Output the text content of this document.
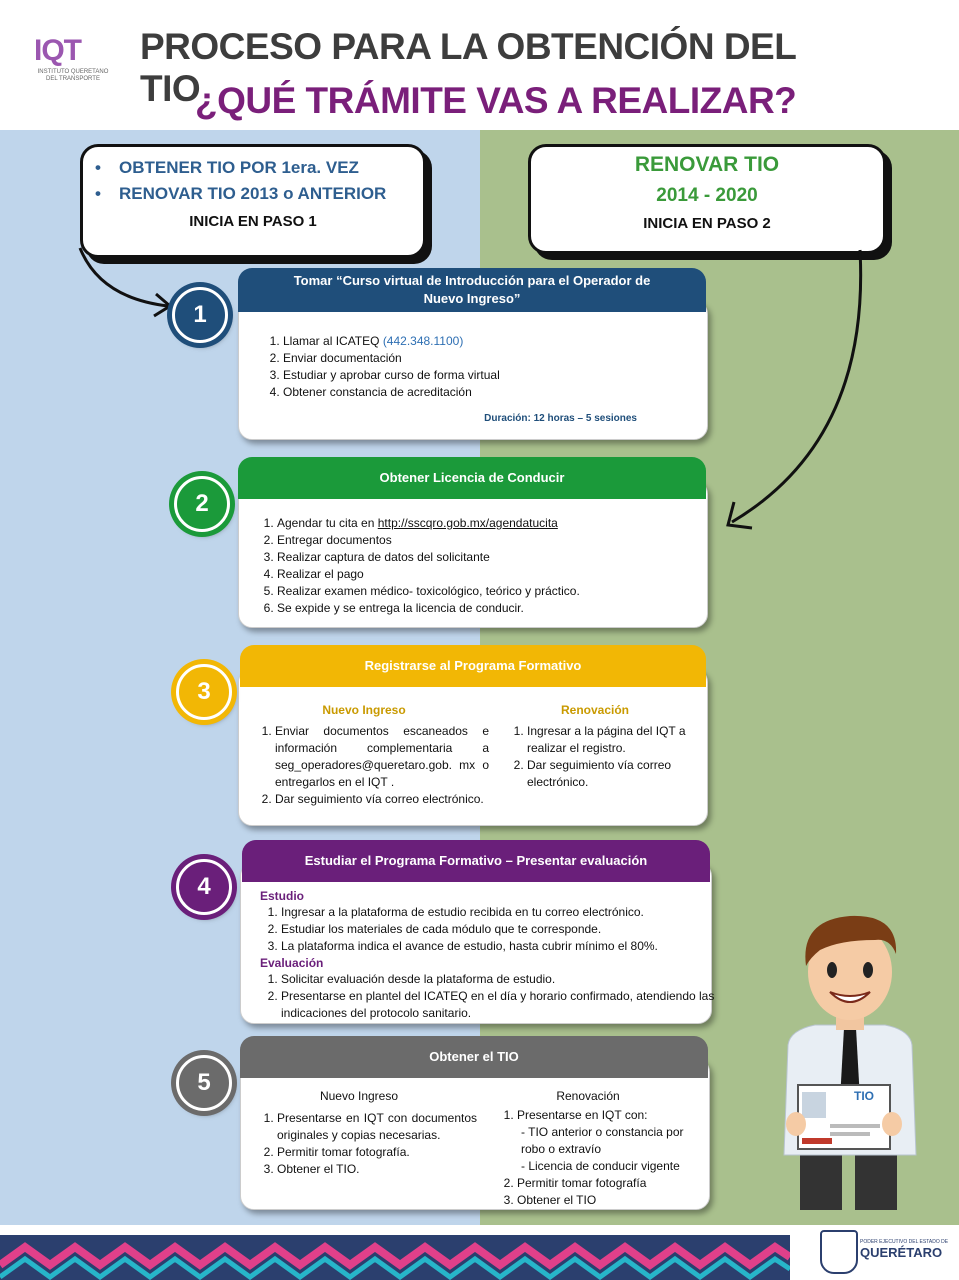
IQT
INSTITUTO QUERETANO DEL TRANSPORTE
PROCESO PARA LA OBTENCIÓN DEL TIO
¿QUÉ TRÁMITE VAS A REALIZAR?
• OBTENER TIO POR 1era. VEZ
• RENOVAR TIO 2013 o ANTERIOR
INICIA EN PASO 1
RENOVAR TIO
2014 - 2020
INICIA EN PASO 2
1. Llamar al ICATEQ (442.348.1100)
2. Enviar documentación
3. Estudiar y aprobar curso de forma virtual
4. Obtener constancia de acreditación
Duración: 12 horas – 5 sesiones
Tomar “Curso virtual de Introducción para el Operador de Nuevo Ingreso”
1
1. Agendar tu cita en http://sscqro.gob.mx/agendatucita
2. Entregar documentos
3. Realizar captura de datos del solicitante
4. Realizar el pago
5. Realizar examen médico- toxicológico, teórico y práctico.
6. Se expide y se entrega la licencia de conducir.
Obtener Licencia de Conducir
2
Nuevo Ingreso
1. Enviar documentos escaneados e información complementaria a seg_operadores@queretaro.gob. mx o entregarlos en el IQT .
2. Dar seguimiento vía correo electrónico.
Renovación
1. Ingresar a la página del IQT a realizar el registro.
2. Dar seguimiento vía correo electrónico.
Registrarse al Programa Formativo
3
Estudio
1. Ingresar a la plataforma de estudio recibida en tu correo electrónico.
2. Estudiar los materiales de cada módulo que te corresponde.
3. La plataforma indica el avance de estudio, hasta cubrir mínimo el 80%.
Evaluación
1. Solicitar evaluación desde la plataforma de estudio.
2. Presentarse en plantel del ICATEQ en el día y horario confirmado, atendiendo las indicaciones del protocolo sanitario.
Estudiar el Programa Formativo – Presentar evaluación
4
Nuevo Ingreso
1. Presentarse en IQT con documentos originales y copias necesarias.
2. Permitir tomar fotografía.
3. Obtener el TIO.
Renovación
1. Presentarse en IQT con:
- TIO anterior o constancia por robo o extravío
- Licencia de conducir vigente
2. Permitir tomar fotografía
3. Obtener el TIO
Obtener el TIO
5	TIO
PODER EJECUTIVO DEL ESTADO DE
QUERÉTARO
